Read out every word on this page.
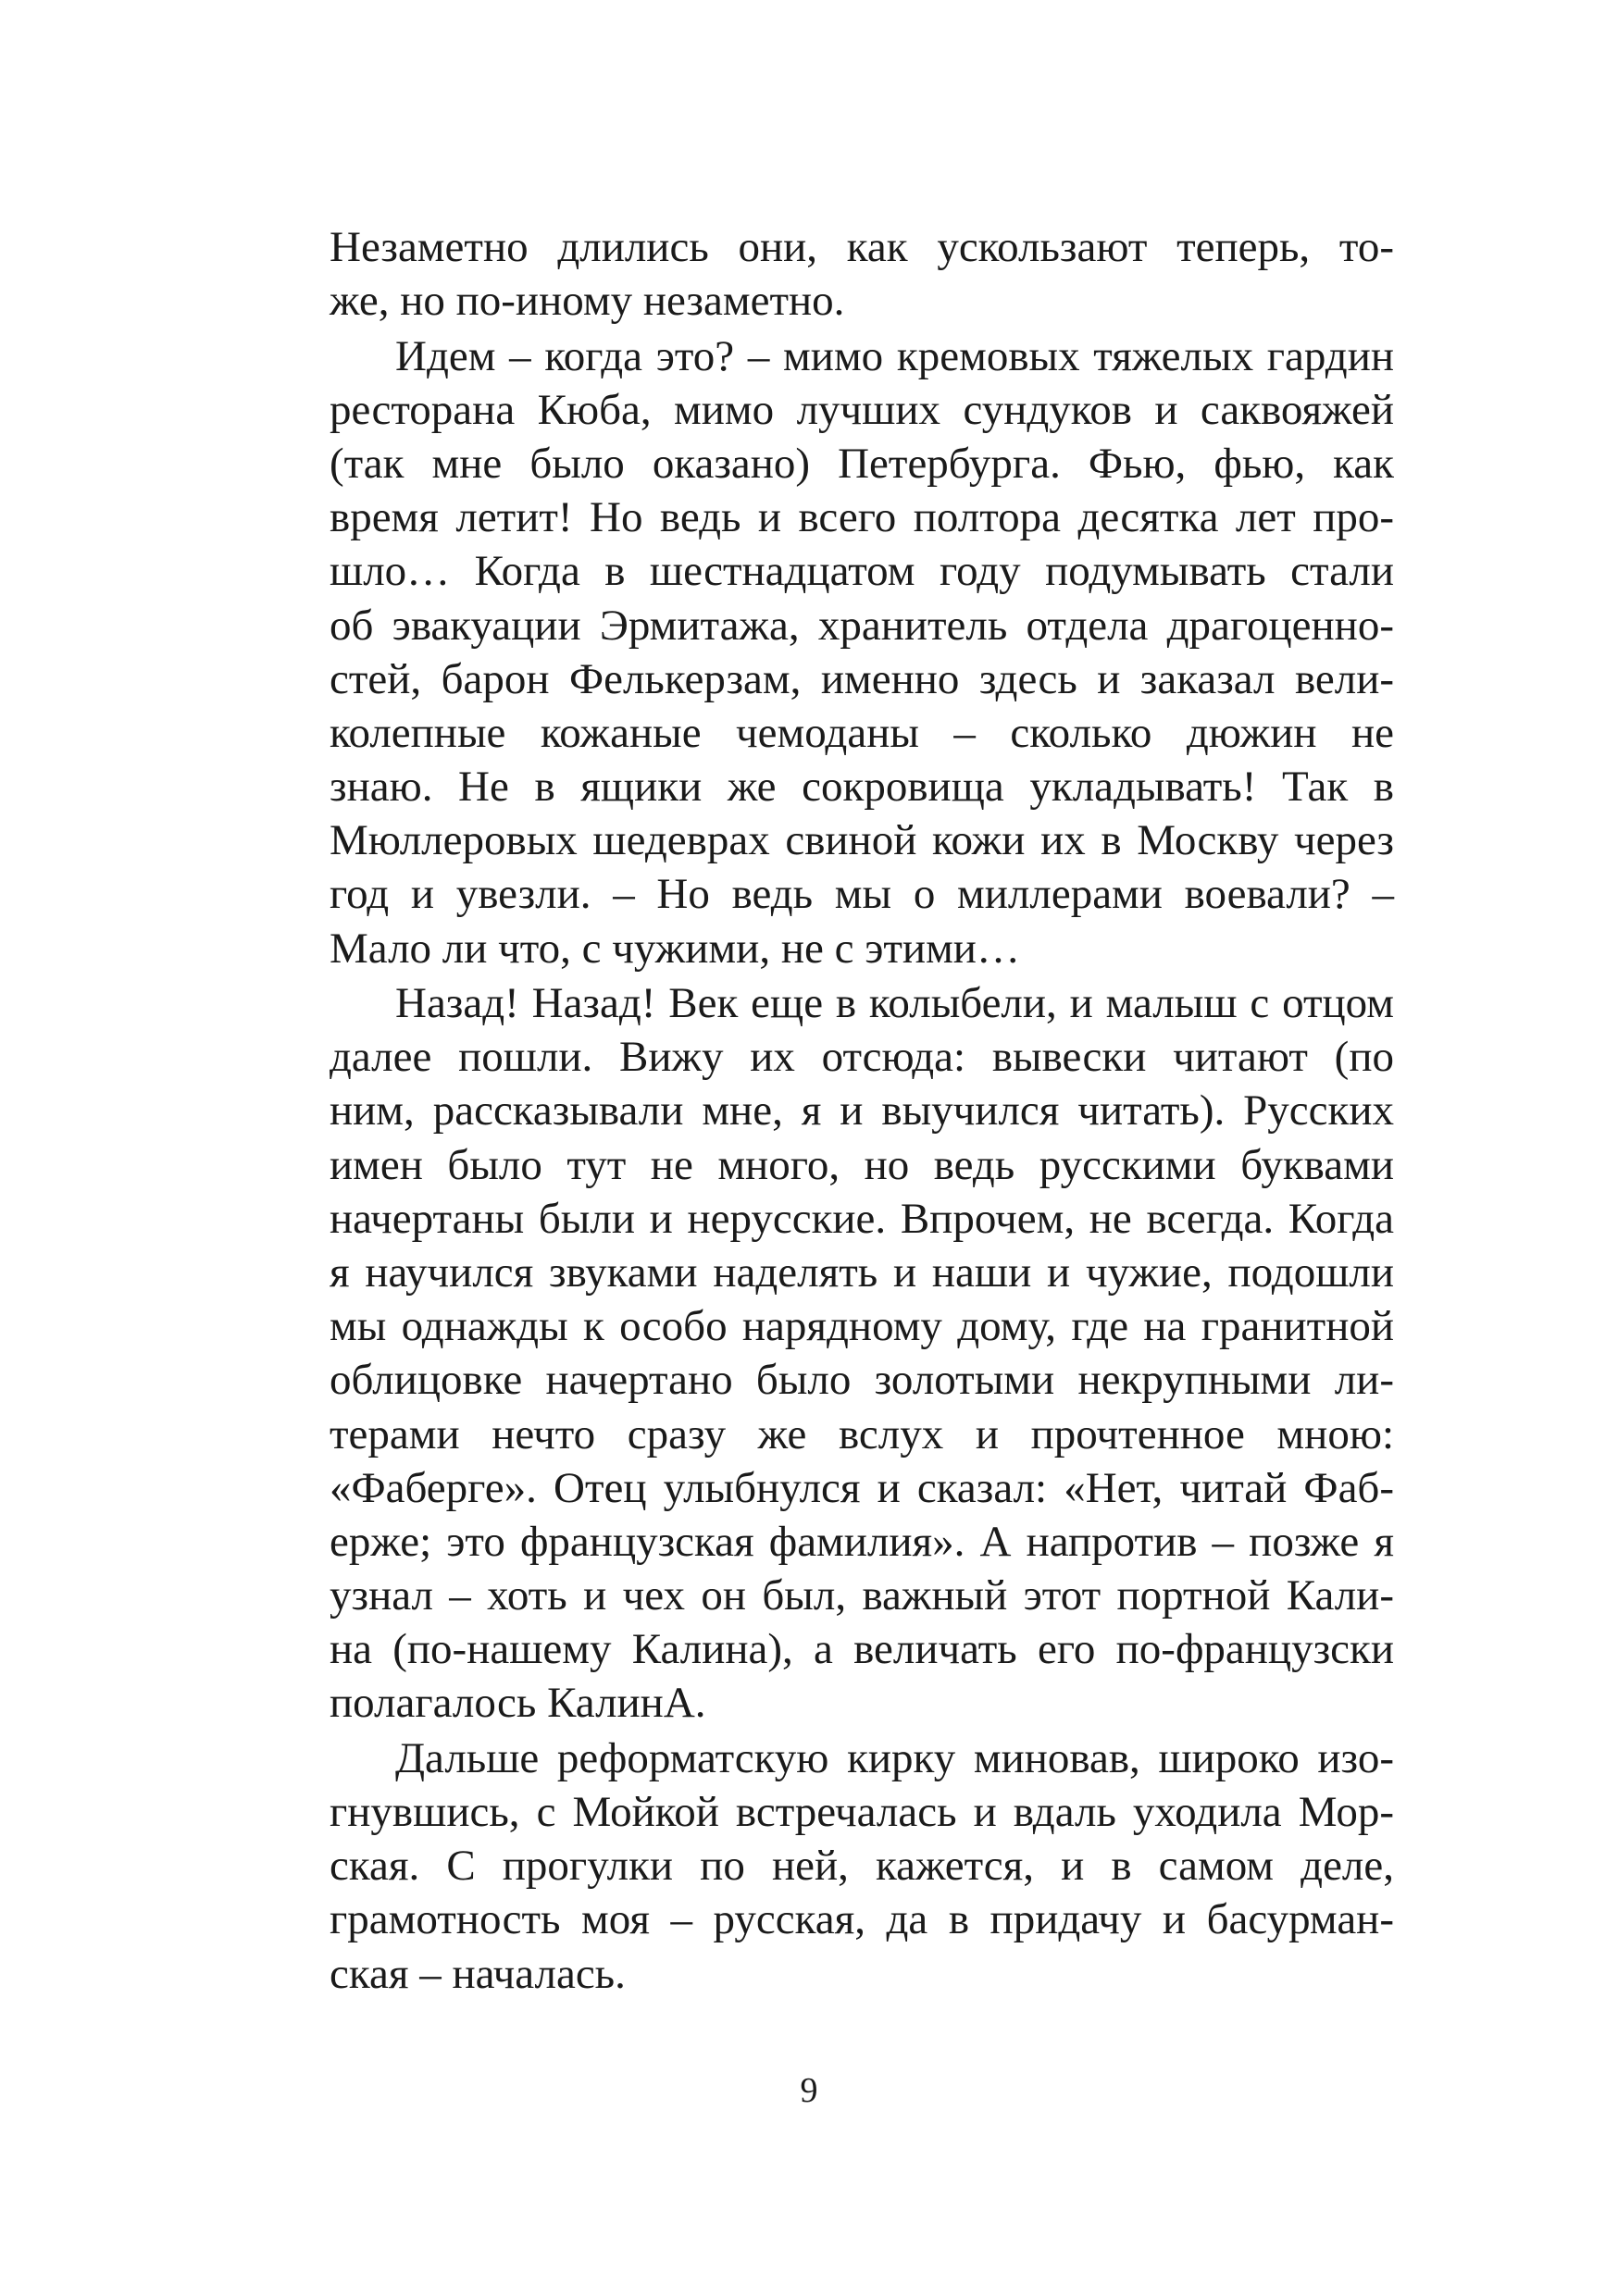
Незаметно длились они, как ускользают теперь, то-
же, но по-иному незаметно.
Идем – когда это? – мимо кремовых тяжелых гардин
ресторана Кюба, мимо лучших сундуков и саквояжей
(так мне было оказано) Петербурга. Фью, фью, как
время летит! Но ведь и всего полтора десятка лет про-
шло… Когда в шестнадцатом году подумывать стали
об эвакуации Эрмитажа, хранитель отдела драгоценно-
стей, барон Фелькерзам, именно здесь и заказал вели-
колепные кожаные чемоданы – сколько дюжин не
знаю. Не в ящики же сокровища укладывать! Так в
Мюллеровых шедеврах свиной кожи их в Москву через
год и увезли. – Но ведь мы о миллерами воевали? –
Мало ли что, с чужими, не с этими…
Назад! Назад! Век еще в колыбели, и малыш с отцом
далее пошли. Вижу их отсюда: вывески читают (по
ним, рассказывали мне, я и выучился читать). Русских
имен было тут не много, но ведь русскими буквами
начертаны были и нерусские. Впрочем, не всегда. Когда
я научился звуками наделять и наши и чужие, подошли
мы однажды к особо нарядному дому, где на гранитной
облицовке начертано было золотыми некрупными ли-
терами нечто сразу же вслух и прочтенное мною:
«Фаберге». Отец улыбнулся и сказал: «Нет, читай Фаб-
ерже; это французская фамилия». А напротив – позже я
узнал – хоть и чех он был, важный этот портной Кали-
на (по-нашему Калина), а величать его по-французски
полагалось КалинА.
Дальше реформатскую кирку миновав, широко изо-
гнувшись, с Мойкой встречалась и вдаль уходила Мор-
ская. С прогулки по ней, кажется, и в самом деле,
грамотность моя – русская, да в придачу и басурман-
ская – началась.
9
